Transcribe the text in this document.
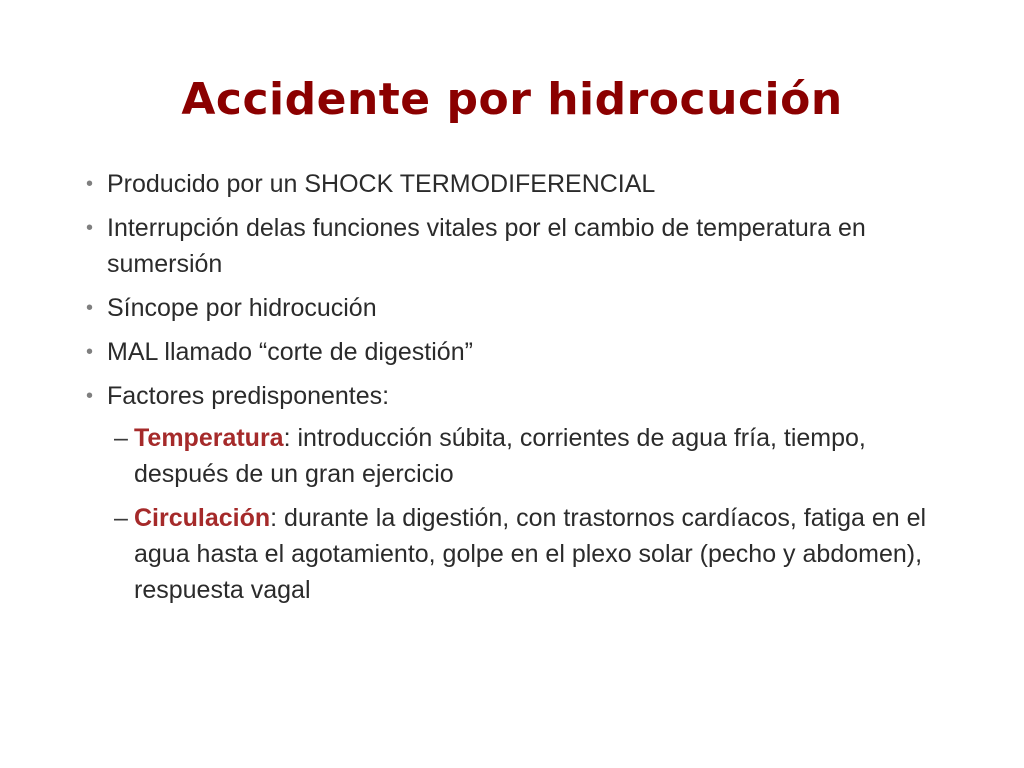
Accidente por hidrocución
• Producido por un SHOCK TERMODIFERENCIAL
• Interrupción delas funciones vitales por el cambio de temperatura en sumersión
• Síncope por hidrocución
• MAL llamado “corte de digestión”
• Factores predisponentes:
– Temperatura: introducción súbita, corrientes de agua fría, tiempo, después de un gran ejercicio
– Circulación: durante la digestión, con trastornos cardíacos, fatiga en el agua hasta el agotamiento, golpe en el plexo solar (pecho y abdomen), respuesta vagal
